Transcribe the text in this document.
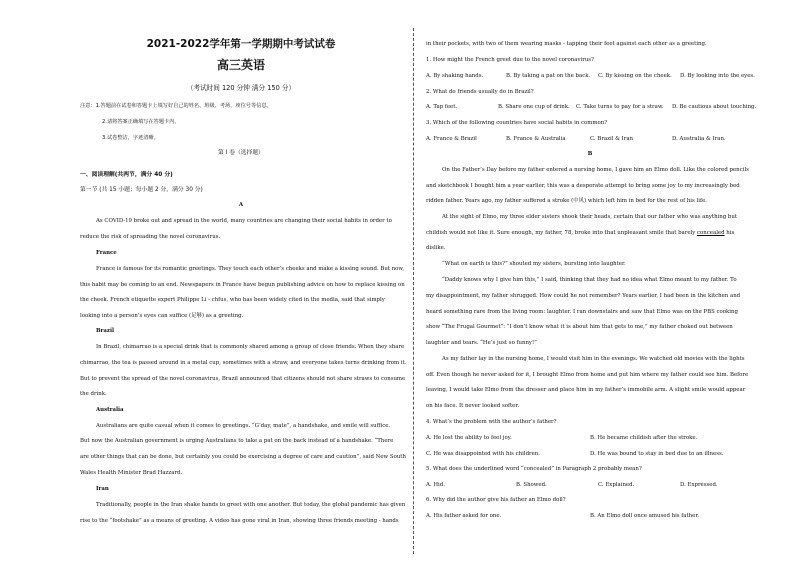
2021-2022学年第一学期期中考试试卷
高三英语
（考试时间 120 分钟 满分 150 分）
注意：1.答题前在试卷和答题卡上填写好自己的姓名、班级、考场、座位号等信息。
2.请将答案正确填写在答题卡内。
3.试卷整洁，字迹清晰。
第 I 卷（选择题）
一、阅读理解(共两节，满分 40 分)
第一节 (共 15 小题；每小题 2 分，满分 30 分)
A
As COVID-19 broke out and spread in the world, many countries are changing their social habits in order to
reduce the risk of spreading the novel coronavirus.
France
France is famous for its romantic greetings. They touch each other’s cheeks and make a kissing sound. But now,
this habit may be coming to an end. Newspapers in France have begun publishing advice on how to replace kissing on
the cheek. French etiquette expert Philippe Li - chfus, who has been widely cited in the media, said that simply
looking into a person’s eyes can suffice (足够) as a greeting.
Brazil
In Brazil, chimarrao is a special drink that is commonly shared among a group of close friends. When they share
chimarrao, the tea is passed around in a metal cup, sometimes with a straw, and everyone takes turns drinking from it.
But to prevent the spread of the novel coronavirus, Brazil announced that citizens should not share straws to consume
the drink.
Australia
Australians are quite casual when it comes to greetings. “G’day, mate”, a handshake, and smile will suffice.
But now the Australian government is urging Australians to take a pat on the back instead of a handshake. “There
are other things that can be done, but certainly you could be exercising a degree of care and caution”, said New South
Wales Health Minister Brad Hazzard.
Iran
Traditionally, people in the Iran shake hands to greet with one another. But today, the global pandemic has given
rise to the “footshake” as a means of greeting. A video has gone viral in Iran, showing three friends meeting - hands
in their pockets, with two of them wearing masks - tapping their feet against each other as a greeting.
1. How might the French greet due to the novel coronavirus?
A. By shaking hands.	B. By taking a pat on the back. C. By kissing on the cheek. D. By looking into the eyes.
2. What do friends usually do in Brazil?
A. Tap feet.	B. Share one cup of drink. C. Take turns to pay for a straw. D. Be cautious about touching.
3. Which of the following countries have social habits in common?
A. France & Brazil	B. France & Australia	C. Brazil & Iran	D. Australia & Iran.
B
On the Father’s Day before my father entered a nursing home, I gave him an Elmo doll. Like the colored pencils
and sketchbook I bought him a year earlier, this was a desperate attempt to bring some joy to my increasingly bed
ridden father. Years ago, my father suffered a stroke (中风) which left him in bed for the rest of his life.
At the sight of Elmo, my three elder sisters shook their heads, certain that our father who was anything but
childish would not like it. Sure enough, my father, 78, broke into that unpleasant smile that barely concealed his
dislike.
“What on earth is this?” shouted my sisters, bursting into laughter.
“Daddy knows why I give him this,” I said, thinking that they had no idea what Elmo meant to my father. To
my disappointment, my father shrugged. How could he not remember? Years earlier, I had been in the kitchen and
heard something rare from the living room: laughter. I ran downstairs and saw that Elmo was on the PBS cooking
show “The Frugal Gourmet”: “I don’t know what it is about him that gets to me,” my father choked out between
laughter and tears. “He’s just so funny!”
As my father lay in the nursing home, I would visit him in the evenings. We watched old movies with the lights
off. Even though he never asked for it, I brought Elmo from home and put him where my father could see him. Before
leaving, I would take Elmo from the dresser and place him in my father’s immobile arm. A slight smile would appear
on his face. It never looked softer.
4. What’s the problem with the author’s father?
A. He lost the ability to feel joy.	B. He became childish after the stroke.
C. He was disappointed with his children.	D. He was bound to stay in bed due to an illness.
5. What does the underlined word “concealed” in Paragraph 2 probably mean?
A. Hid.	B. Showed.	C. Explained.	D. Expressed.
6. Why did the author give his father an Elmo doll?
A. His father asked for one.	B. An Elmo doll once amused his father.
